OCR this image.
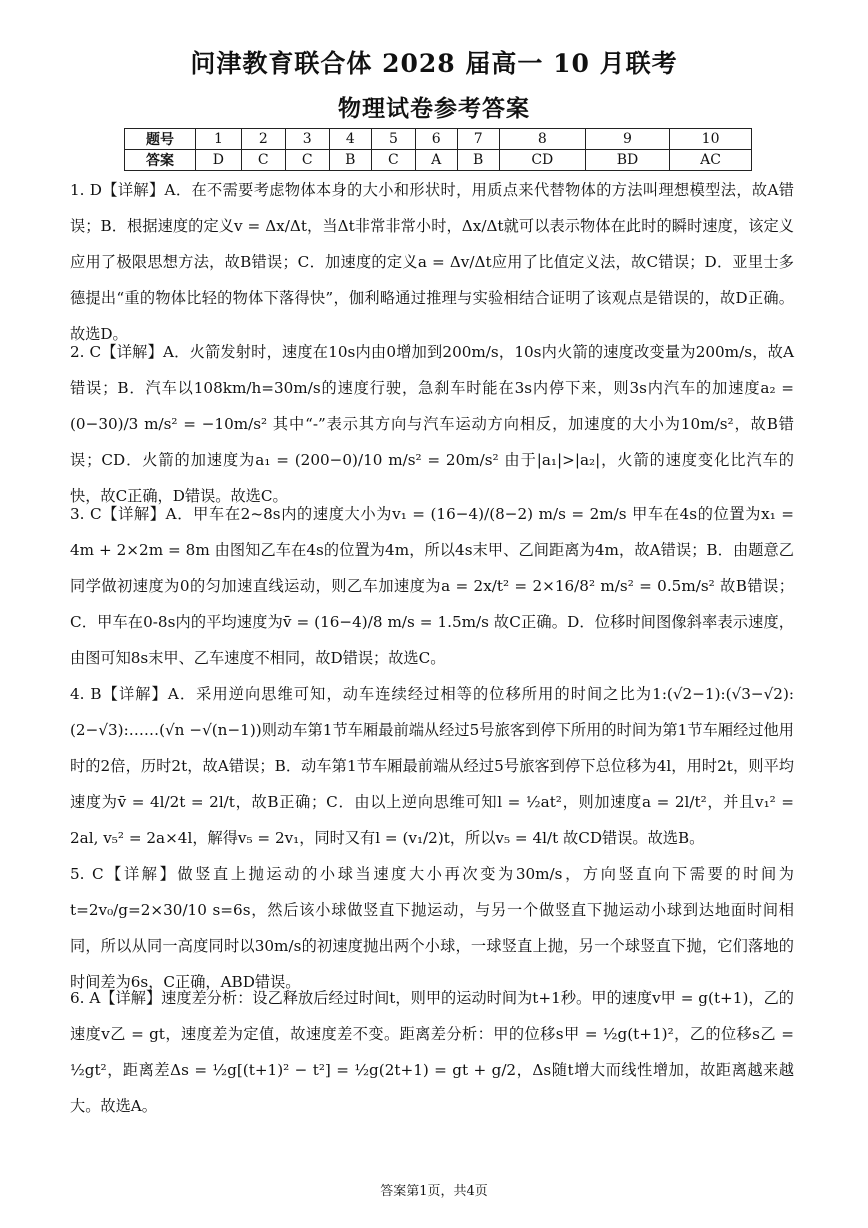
问津教育联合体 2028 届高一 10 月联考
物理试卷参考答案
题号	1	2	3	4	5	6	7	8	9	10
答案	D	C	C	B	C	A	B	CD	BD	AC

1. D【详解】A．在不需要考虑物体本身的大小和形状时，用质点来代替物体的方法叫理想模型法，故A错误；B．根据速度的定义v = Δx/Δt，当Δt非常非常小时，Δx/Δt就可以表示物体在此时的瞬时速度，该定义应用了极限思想方法，故B错误；C．加速度的定义a = Δv/Δt应用了比值定义法，故C错误；D．亚里士多德提出“重的物体比轻的物体下落得快”，伽利略通过推理与实验相结合证明了该观点是错误的，故D正确。故选D。

2. C【详解】A．火箭发射时，速度在10s内由0增加到200m/s，10s内火箭的速度改变量为200m/s，故A错误；B．汽车以108km/h=30m/s的速度行驶，急刹车时能在3s内停下来，则3s内汽车的加速度a₂ = (0−30)/3 m/s² = −10m/s² 其中“-”表示其方向与汽车运动方向相反，加速度的大小为10m/s²，故B错误；CD．火箭的加速度为a₁ = (200−0)/10 m/s² = 20m/s² 由于|a₁|>|a₂|，火箭的速度变化比汽车的快，故C正确，D错误。故选C。

3. C【详解】A．甲车在2~8s内的速度大小为v₁ = (16−4)/(8−2) m/s = 2m/s 甲车在4s的位置为x₁ = 4m + 2×2m = 8m 由图知乙车在4s的位置为4m，所以4s末甲、乙间距离为4m，故A错误；B．由题意乙同学做初速度为0的匀加速直线运动，则乙车加速度为a = 2x/t² = 2×16/8² m/s² = 0.5m/s² 故B错误；C．甲车在0-8s内的平均速度为v̄ = (16−4)/8 m/s = 1.5m/s 故C正确。D．位移时间图像斜率表示速度，由图可知8s末甲、乙车速度不相同，故D错误；故选C。

4. B【详解】A．采用逆向思维可知，动车连续经过相等的位移所用的时间之比为1:(√2−1):(√3−√2):(2−√3):……(√n −√(n−1))则动车第1节车厢最前端从经过5号旅客到停下所用的时间为第1节车厢经过他用时的2倍，历时2t，故A错误；B．动车第1节车厢最前端从经过5号旅客到停下总位移为4l，用时2t，则平均速度为v̄ = 4l/2t = 2l/t，故B正确；C．由以上逆向思维可知l = ½at²，则加速度a = 2l/t²，并且v₁² = 2al, v₅² = 2a×4l，解得v₅ = 2v₁，同时又有l = (v₁/2)t，所以v₅ = 4l/t 故CD错误。故选B。

5. C【详解】做竖直上抛运动的小球当速度大小再次变为30m/s，方向竖直向下需要的时间为t=2v₀/g=2×30/10 s=6s，然后该小球做竖直下抛运动，与另一个做竖直下抛运动小球到达地面时间相同，所以从同一高度同时以30m/s的初速度抛出两个小球，一球竖直上抛，另一个球竖直下抛，它们落地的时间差为6s，C正确，ABD错误。

6. A【详解】速度差分析：设乙释放后经过时间t，则甲的运动时间为t+1秒。甲的速度v甲 = g(t+1)，乙的速度v乙 = gt，速度差为定值，故速度差不变。距离差分析：甲的位移s甲 = ½g(t+1)²，乙的位移s乙 = ½gt²，距离差Δs = ½g[(t+1)² − t²] = ½g(2t+1) = gt + g/2，Δs随t增大而线性增加，故距离越来越大。故选A。

答案第1页，共4页
